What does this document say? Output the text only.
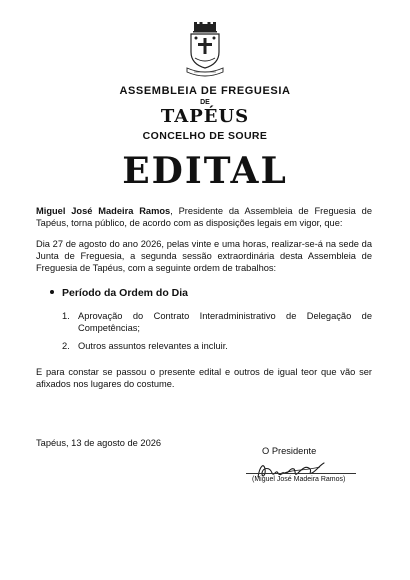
ASSEMBLEIA DE FREGUESIA
DE
TAPÉUS
CONCELHO DE SOURE
EDITAL
Miguel José Madeira Ramos, Presidente da Assembleia de Freguesia de Tapéus, torna público, de acordo com as disposições legais em vigor, que:
Dia 27 de agosto do ano 2026, pelas vinte e uma horas, realizar-se-á na sede da Junta de Freguesia, a segunda sessão extraordinária desta Assembleia de Freguesia de Tapéus, com a seguinte ordem de trabalhos:
Período da Ordem do Dia
1. Aprovação do Contrato Interadministrativo de Delegação de Competências;
2. Outros assuntos relevantes a incluir.
E para constar se passou o presente edital e outros de igual teor que vão ser afixados nos lugares do costume.
Tapéus, 13 de agosto de 2026
O Presidente
(Miguel José Madeira Ramos)
